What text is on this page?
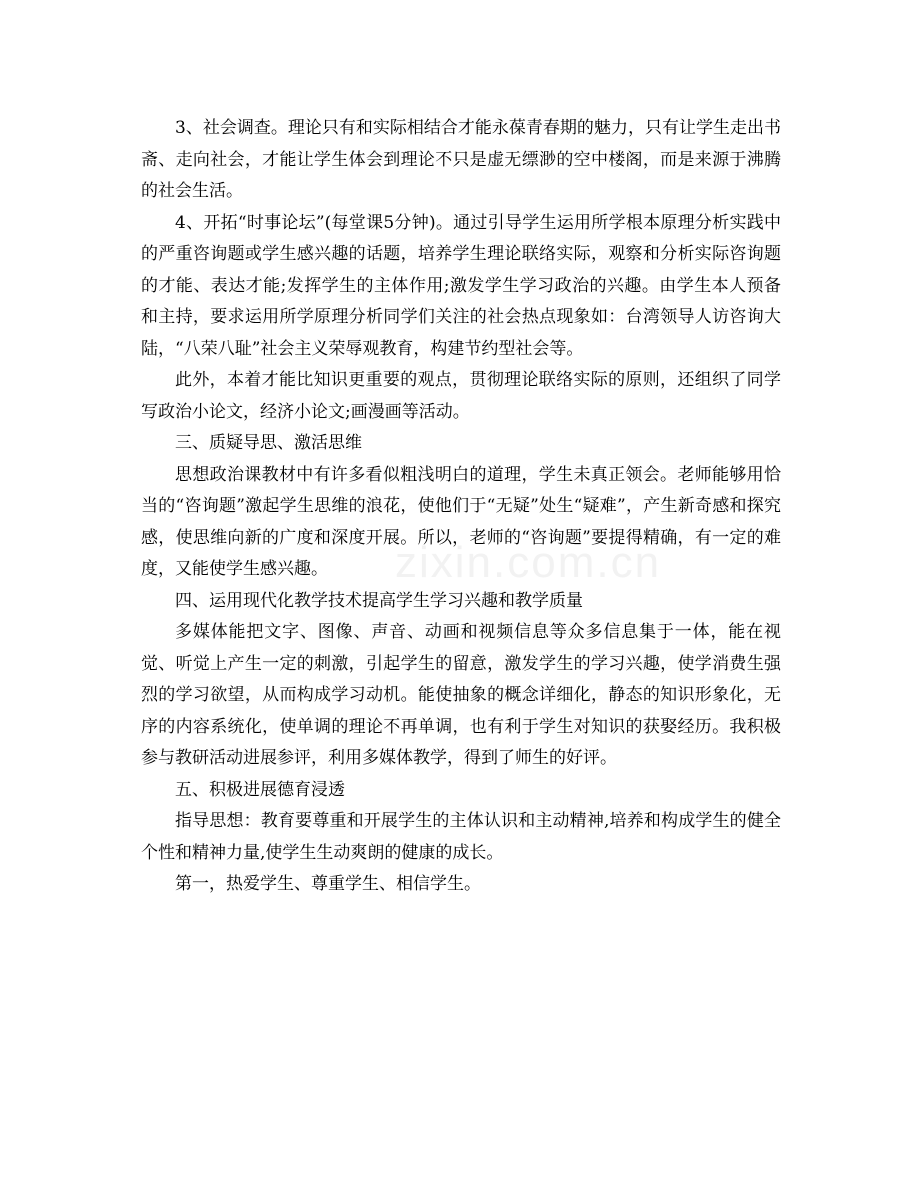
zixin.com.cn

3、社会调查。理论只有和实际相结合才能永葆青春期的魅力，只有让学生走出书斋、走向社会，才能让学生体会到理论不只是虚无缥渺的空中楼阁，而是来源于沸腾的社会生活。

4、开拓“时事论坛”(每堂课5分钟)。通过引导学生运用所学根本原理分析实践中的严重咨询题或学生感兴趣的话题，培养学生理论联络实际，观察和分析实际咨询题的才能、表达才能;发挥学生的主体作用;激发学生学习政治的兴趣。由学生本人预备和主持，要求运用所学原理分析同学们关注的社会热点现象如：台湾领导人访咨询大陆，“八荣八耻”社会主义荣辱观教育，构建节约型社会等。

此外，本着才能比知识更重要的观点，贯彻理论联络实际的原则，还组织了同学写政治小论文，经济小论文;画漫画等活动。

三、质疑导思、激活思维

思想政治课教材中有许多看似粗浅明白的道理，学生未真正领会。老师能够用恰当的“咨询题”激起学生思维的浪花，使他们于“无疑”处生“疑难”，产生新奇感和探究感，使思维向新的广度和深度开展。所以，老师的“咨询题”要提得精确，有一定的难度，又能使学生感兴趣。

四、运用现代化教学技术提高学生学习兴趣和教学质量

多媒体能把文字、图像、声音、动画和视频信息等众多信息集于一体，能在视觉、听觉上产生一定的刺激，引起学生的留意，激发学生的学习兴趣，使学消费生强烈的学习欲望，从而构成学习动机。能使抽象的概念详细化，静态的知识形象化，无序的内容系统化，使单调的理论不再单调，也有利于学生对知识的获娶经历。我积极参与教研活动进展参评，利用多媒体教学，得到了师生的好评。

五、积极进展德育浸透

指导思想：教育要尊重和开展学生的主体认识和主动精神,培养和构成学生的健全个性和精神力量,使学生生动爽朗的健康的成长。

第一，热爱学生、尊重学生、相信学生。
